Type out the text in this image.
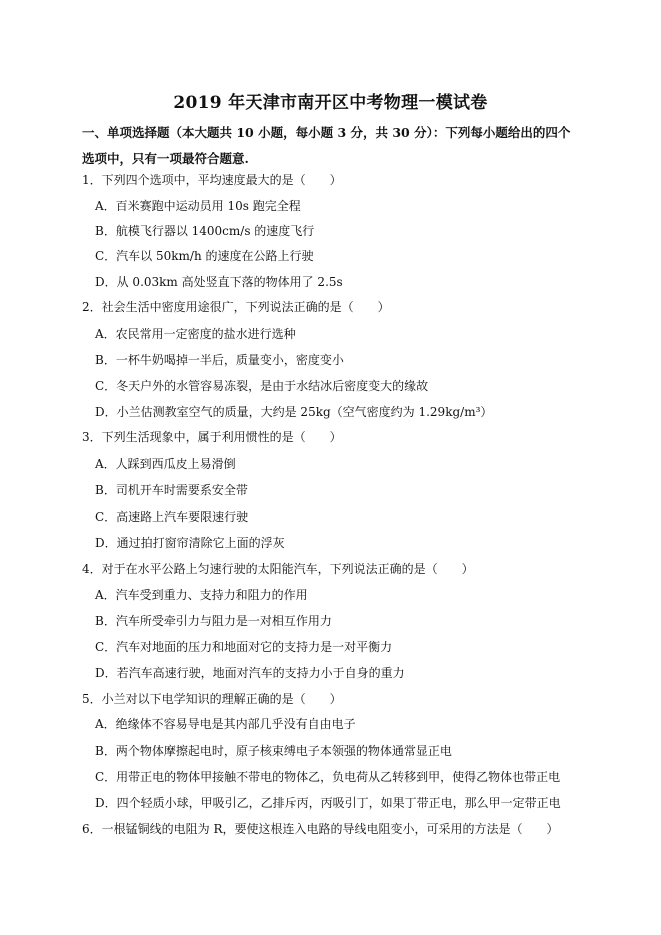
2019 年天津市南开区中考物理一模试卷
一、单项选择题（本大题共 10 小题，每小题 3 分，共 30 分）：下列每小题给出的四个选项中，只有一项最符合题意.
1．下列四个选项中，平均速度最大的是（　　）
A．百米赛跑中运动员用 10s 跑完全程
B．航模飞行器以 1400cm/s 的速度飞行
C．汽车以 50km/h 的速度在公路上行驶
D．从 0.03km 高处竖直下落的物体用了 2.5s
2．社会生活中密度用途很广，下列说法正确的是（　　）
A．农民常用一定密度的盐水进行选种
B．一杯牛奶喝掉一半后，质量变小，密度变小
C．冬天户外的水管容易冻裂，是由于水结冰后密度变大的缘故
D．小兰估测教室空气的质量，大约是 25kg（空气密度约为 1.29kg/m³）
3．下列生活现象中，属于利用惯性的是（　　）
A．人踩到西瓜皮上易滑倒
B．司机开车时需要系安全带
C．高速路上汽车要限速行驶
D．通过拍打窗帘清除它上面的浮灰
4．对于在水平公路上匀速行驶的太阳能汽车，下列说法正确的是（　　）
A．汽车受到重力、支持力和阻力的作用
B．汽车所受牵引力与阻力是一对相互作用力
C．汽车对地面的压力和地面对它的支持力是一对平衡力
D．若汽车高速行驶，地面对汽车的支持力小于自身的重力
5．小兰对以下电学知识的理解正确的是（　　）
A．绝缘体不容易导电是其内部几乎没有自由电子
B．两个物体摩擦起电时，原子核束缚电子本领强的物体通常显正电
C．用带正电的物体甲接触不带电的物体乙，负电荷从乙转移到甲，使得乙物体也带正电
D．四个轻质小球，甲吸引乙，乙排斥丙，丙吸引丁，如果丁带正电，那么甲一定带正电
6．一根锰铜线的电阻为 R，要使这根连入电路的导线电阻变小，可采用的方法是（　　）
